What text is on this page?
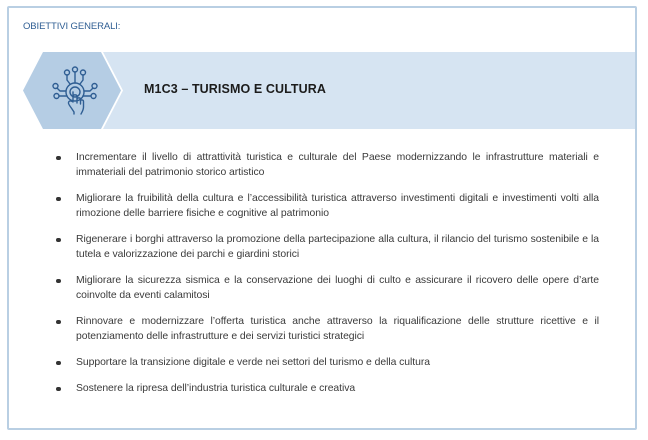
OBIETTIVI GENERALI:
M1C3 – TURISMO E CULTURA
Incrementare il livello di attrattività turistica e culturale del Paese modernizzando le infrastrutture materiali e immateriali del patrimonio storico artistico
Migliorare la fruibilità della cultura e l’accessibilità turistica attraverso investimenti digitali e investimenti volti alla rimozione delle barriere fisiche e cognitive al patrimonio
Rigenerare i borghi attraverso la promozione della partecipazione alla cultura, il rilancio del turismo sostenibile e la tutela e valorizzazione dei parchi e giardini storici
Migliorare la sicurezza sismica e la conservazione dei luoghi di culto e assicurare il ricovero delle opere d’arte coinvolte da eventi calamitosi
Rinnovare e modernizzare l’offerta turistica anche attraverso la riqualificazione delle strutture ricettive e il potenziamento delle infrastrutture e dei servizi turistici strategici
Supportare la transizione digitale e verde nei settori del turismo e della cultura
Sostenere la ripresa dell’industria turistica culturale e creativa
